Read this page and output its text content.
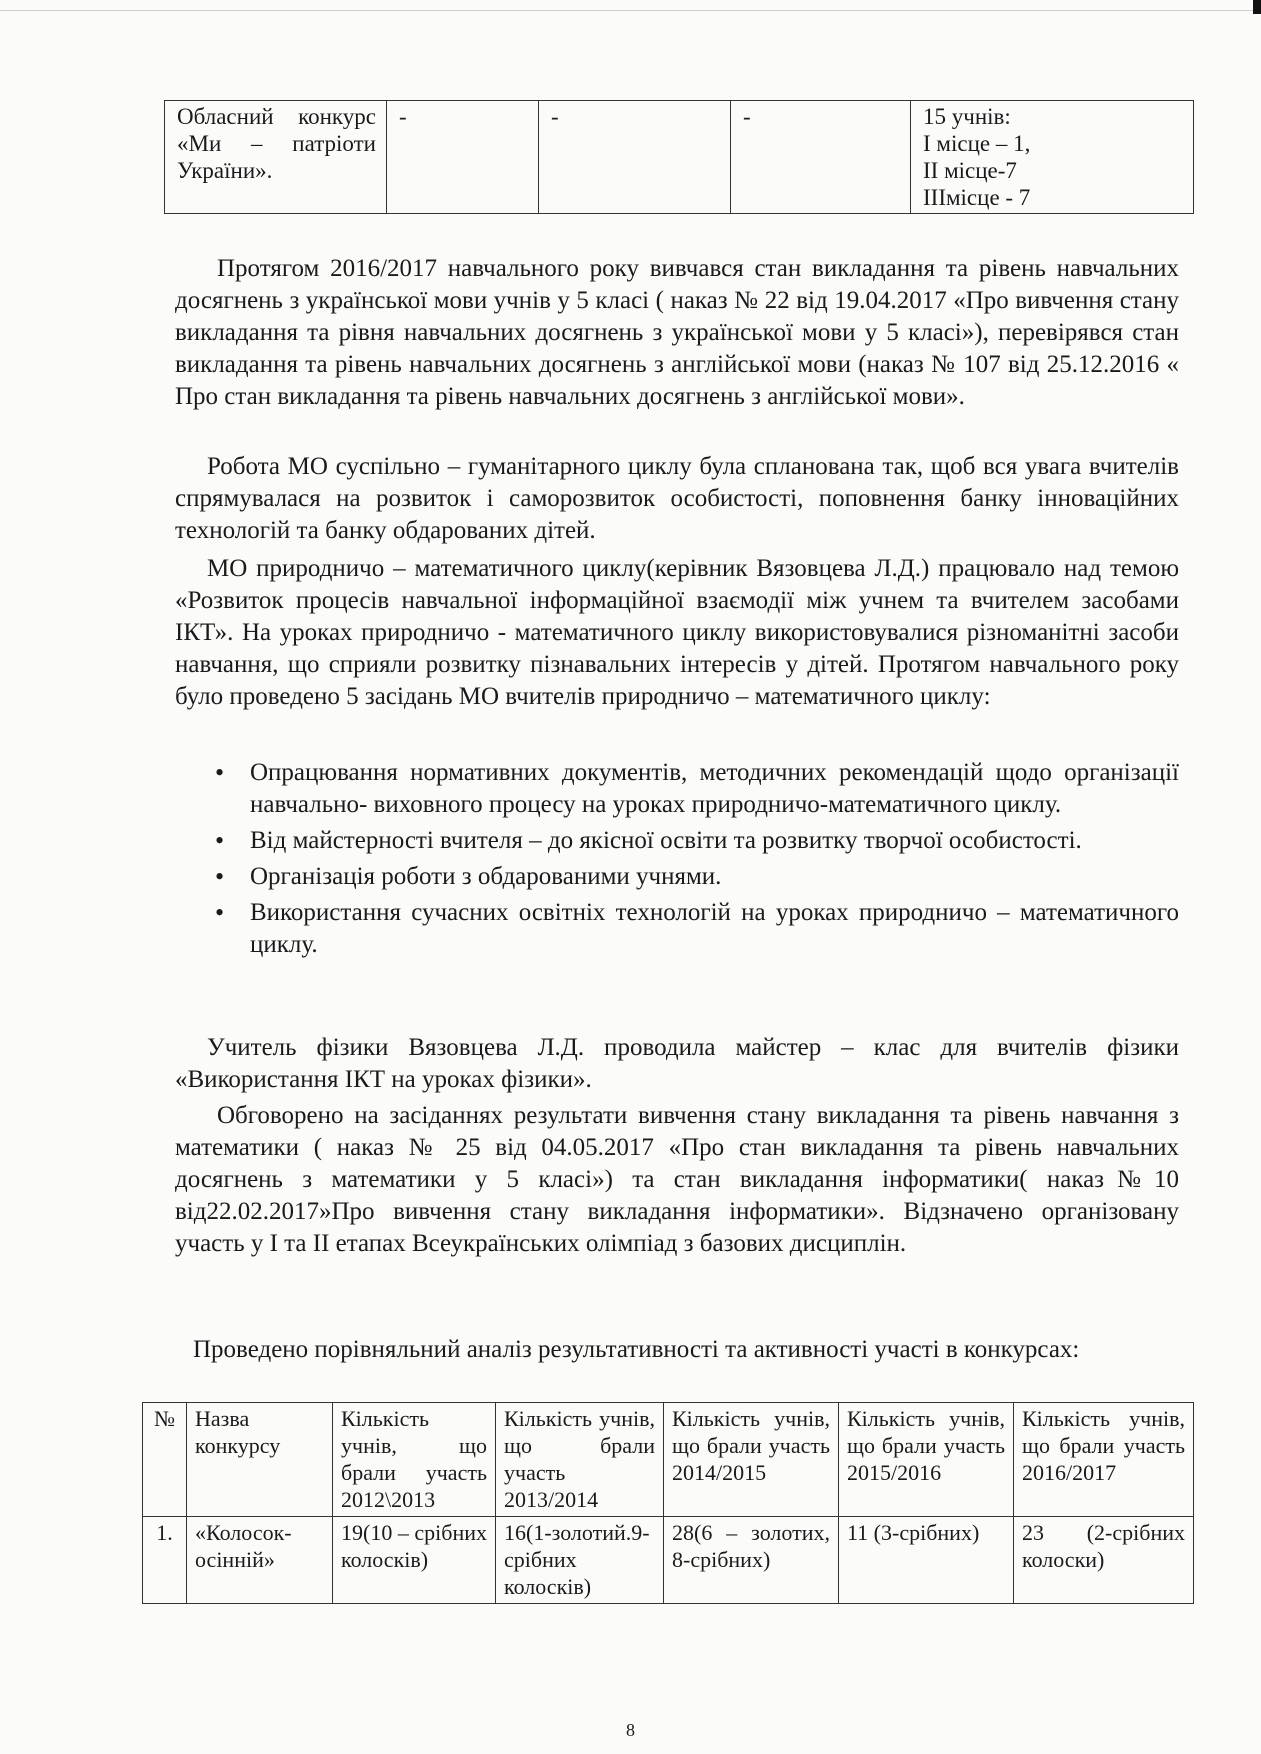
Обласний конкурс «Ми – патріоти України».	-	-	-	15 учнів:
І місце – 1,
ІІ місце-7
ІІІмісце - 7

Протягом 2016/2017 навчального року вивчався стан викладання та рівень навчальних досягнень з української мови учнів у 5 класі ( наказ № 22 від 19.04.2017 «Про вивчення стану викладання та рівня навчальних досягнень з української мови у 5 класі»), перевірявся стан викладання та рівень навчальних досягнень з англійської мови (наказ № 107 від 25.12.2016 « Про стан викладання та рівень навчальних досягнень з англійської мови».

Робота МО суспільно – гуманітарного циклу була спланована так, щоб вся увага вчителів спрямувалася на розвиток і саморозвиток особистості, поповнення банку інноваційних технологій та банку обдарованих дітей.

МО природничо – математичного циклу(керівник Вязовцева Л.Д.) працювало над темою «Розвиток процесів навчальної інформаційної взаємодії між учнем та вчителем засобами ІКТ». На уроках природничо - математичного циклу використовувалися різноманітні засоби навчання, що сприяли розвитку пізнавальних інтересів у дітей. Протягом навчального року було проведено 5 засідань МО вчителів природничо – математичного циклу:

• Опрацювання нормативних документів, методичних рекомендацій щодо організації навчально- виховного процесу на уроках природничо-математичного циклу.
• Від майстерності вчителя – до якісної освіти та розвитку творчої особистості.
• Організація роботи з обдарованими учнями.
• Використання сучасних освітніх технологій на уроках природничо – математичного циклу.

Учитель фізики Вязовцева Л.Д. проводила майстер – клас для вчителів фізики «Використання ІКТ на уроках фізики».

Обговорено на засіданнях результати вивчення стану викладання та рівень навчання з математики ( наказ № 25 від 04.05.2017 «Про стан викладання та рівень навчальних досягнень з математики у 5 класі») та стан викладання інформатики( наказ№10 від22.02.2017»Про вивчення стану викладання інформатики». Відзначено організовану участь у І та ІІ етапах Всеукраїнських олімпіад з базових дисциплін.

Проведено порівняльний аналіз результативності та активності участі в конкурсах:

№	Назва конкурсу	Кількість учнів, що брали участь 2012\2013	Кількість учнів, що брали участь 2013/2014	Кількість учнів, що брали участь 2014/2015	Кількість учнів, що брали участь 2015/2016	Кількість учнів, що брали участь 2016/2017
1.	«Колосок-осінній»	19(10 – срібних колосків)	16(1-золотий.9-срібних колосків)	28(6 – золотих, 8-срібних)	11 (3-срібних)	23 (2-срібних колоски)
8
